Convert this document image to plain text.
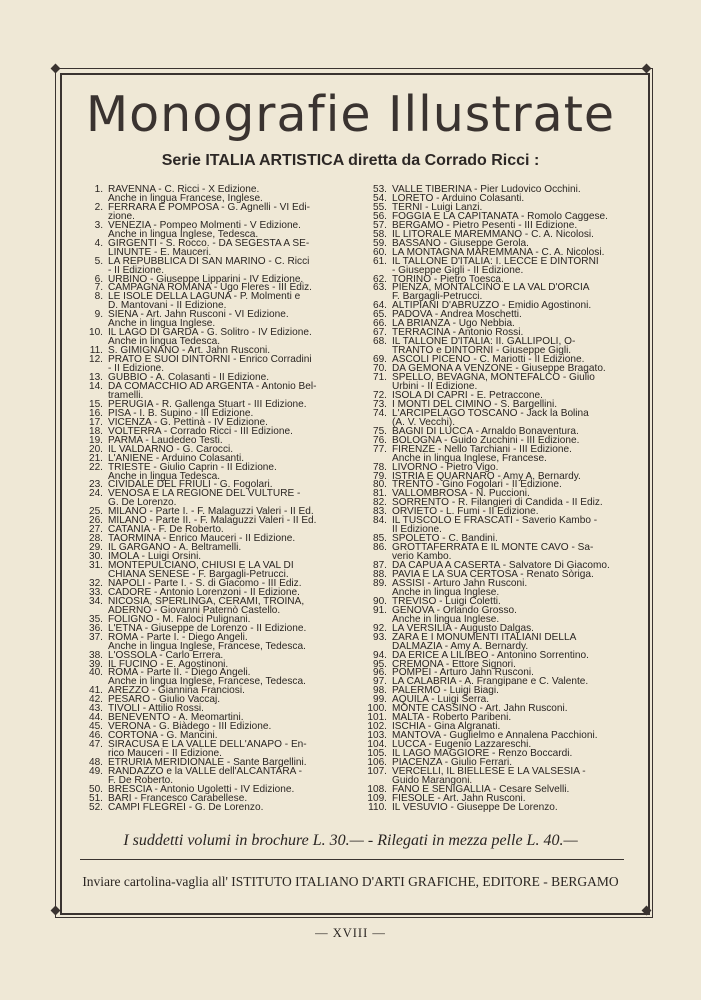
Monografie Illustrate

Serie ITALIA ARTISTICA diretta da Corrado Ricci :

1. RAVENNA - C. Ricci - X Edizione.
Anche in lingua Francese, Inglese.
2. FERRARA E POMPOSA - G. Agnelli - VI Edi-
zione.
3. VENEZIA - Pompeo Molmenti - V Edizione.
Anche in lingua Inglese, Tedesca.
4. GIRGENTI - S. Rocco. - DA SEGESTA A SE-
LINUNTE - E. Mauceri.
5. LA REPUBBLICA DI SAN MARINO - C. Ricci
- II Edizione.
6. URBINO - Giuseppe Lipparini - IV Edizione.
7. CAMPAGNA ROMANA - Ugo Fleres - III Ediz.
8. LE ISOLE DELLA LAGUNA - P. Molmenti e
D. Mantovani - II Edizione.
9. SIENA - Art. Jahn Rusconi - VI Edizione.
Anche in lingua Inglese.
10. IL LAGO DI GARDA - G. Solitro - IV Edizione.
Anche in lingua Tedesca.
11. S. GIMIGNANO - Art. Jahn Rusconi.
12. PRATO E SUOI DINTORNI - Enrico Corradini
- II Edizione.
13. GUBBIO - A. Colasanti - II Edizione.
14. DA COMACCHIO AD ARGENTA - Antonio Bel-
tramelli.
15. PERUGIA - R. Gallenga Stuart - III Edizione.
16. PISA - I. B. Supino - III Edizione.
17. VICENZA - G. Pettinà - IV Edizione.
18. VOLTERRA - Corrado Ricci - III Edizione.
19. PARMA - Laudedeo Testi.
20. IL VALDARNO - G. Carocci.
21. L'ANIENE - Arduino Colasanti.
22. TRIESTE - Giulio Caprin - II Edizione.
Anche in lingua Tedesca.
23. CIVIDALE DEL FRIULI - G. Fogolari.
24. VENOSA E LA REGIONE DEL VULTURE -
G. De Lorenzo.
25. MILANO - Parte I. - F. Malaguzzi Valeri - II Ed.
26. MILANO - Parte II. - F. Malaguzzi Valeri - II Ed.
27. CATANIA - F. De Roberto.
28. TAORMINA - Enrico Mauceri - II Edizione.
29. IL GARGANO - A. Beltramelli.
30. IMOLA - Luigi Orsini.
31. MONTEPULCIANO, CHIUSI E LA VAL DI
CHIANA SENESE - F. Bargagli-Petrucci.
32. NAPOLI - Parte I. - S. di Giacomo - III Ediz.
33. CADORE - Antonio Lorenzoni - II Edizione.
34. NICOSIA, SPERLINGA, CERAMI, TROINA,
ADERNO - Giovanni Paternò Castello.
35. FOLIGNO - M. Faloci Pulignani.
36. L'ETNA - Giuseppe de Lorenzo - II Edizione.
37. ROMA - Parte I. - Diego Angeli.
Anche in lingua Inglese, Francese, Tedesca.
38. L'OSSOLA - Carlo Errera.
39. IL FUCINO - E. Agostinoni.
40. ROMA - Parte II. - Diego Angeli.
Anche in lingua Inglese, Francese, Tedesca.
41. AREZZO - Giannina Franciosi.
42. PESARO - Giulio Vaccaj.
43. TIVOLI - Attilio Rossi.
44. BENEVENTO - A. Meomartini.
45. VERONA - G. Biàdego - III Edizione.
46. CORTONA - G. Mancini.
47. SIRACUSA E LA VALLE DELL'ANAPO - En-
rico Mauceri - II Edizione.
48. ETRURIA MERIDIONALE - Sante Bargellini.
49. RANDAZZO e la VALLE dell'ALCANTARA -
F. De Roberto.
50. BRESCIA - Antonio Ugoletti - IV Edizione.
51. BARI - Francesco Carabellese.
52. CAMPI FLEGREI - G. De Lorenzo.
53. VALLE TIBERINA - Pier Ludovico Occhini.
54. LORETO - Arduino Colasanti.
55. TERNI - Luigi Lanzi.
56. FOGGIA E LA CAPITANATA - Romolo Caggese.
57. BERGAMO - Pietro Pesenti - III Edizione.
58. IL LITORALE MAREMMANO - C. A. Nicolosi.
59. BASSANO - Giuseppe Gerola.
60. LA MONTAGNA MAREMMANA - C. A. Nicolosi.
61. IL TALLONE D'ITALIA: I. LECCE E DINTORNI
- Giuseppe Gigli - II Edizione.
62. TORINO - Pietro Toesca.
63. PIENZA, MONTALCINO E LA VAL D'ORCIA
F. Bargagli-Petrucci.
64. ALTIPIANI D'ABRUZZO - Emidio Agostinoni.
65. PADOVA - Andrea Moschetti.
66. LA BRIANZA - Ugo Nebbia.
67. TERRACINA - Antonio Rossi.
68. IL TALLONE D'ITALIA: II. GALLIPOLI, O-
TRANTO e DINTORNI - Giuseppe Gigli.
69. ASCOLI PICENO - C. Mariotti - II Edizione.
70. DA GEMONA A VENZONE - Giuseppe Bragato.
71. SPELLO, BEVAGNA, MONTEFALCO - Giulio
Urbini - II Edizione.
72. ISOLA DI CAPRI - E. Petraccone.
73. I MONTI DEL CIMINO - S. Bargellini.
74. L'ARCIPELAGO TOSCANO - Jack la Bolina
(A. V. Vecchi).
75. BAGNI DI LUCCA - Arnaldo Bonaventura.
76. BOLOGNA - Guido Zucchini - III Edizione.
77. FIRENZE - Nello Tarchiani - III Edizione.
Anche in lingua Inglese, Francese.
78. LIVORNO - Pietro Vigo.
79. ISTRIA E QUARNARO - Amy A. Bernardy.
80. TRENTO - Gino Fogolari - II Edizione.
81. VALLOMBROSA - N. Puccioni.
82. SORRENTO - R. Filangieri di Candida - II Ediz.
83. ORVIETO - L. Fumi - II Edizione.
84. IL TUSCOLO E FRASCATI - Saverio Kambo -
II Edizione.
85. SPOLETO - C. Bandini.
86. GROTTAFERRATA E IL MONTE CAVO - Sa-
verio Kambo.
87. DA CAPUA A CASERTA - Salvatore Di Giacomo.
88. PAVIA E LA SUA CERTOSA - Renato Sòriga.
89. ASSISI - Arturo Jahn Rusconi.
Anche in lingua Inglese.
90. TREVISO - Luigi Coletti.
91. GENOVA - Orlando Grosso.
Anche in lingua Inglese.
92. LA VERSILIA - Augusto Dalgas.
93. ZARA E I MONUMENTI ITALIANI DELLA
DALMAZIA - Amy A. Bernardy.
94. DA ERICE A LILIBEO - Antonino Sorrentino.
95. CREMONA - Ettore Signori.
96. POMPEI - Arturo Jahn Rusconi.
97. LA CALABRIA - A. Frangipane e C. Valente.
98. PALERMO - Luigi Biagi.
99. AQUILA - Luigi Serra.
100. MONTE CASSINO - Art. Jahn Rusconi.
101. MALTA - Roberto Paribeni.
102. ISCHIA - Gina Algranati.
103. MANTOVA - Guglielmo e Annalena Pacchioni.
104. LUCCA - Eugenio Lazzareschi.
105. IL LAGO MAGGIORE - Renzo Boccardi.
106. PIACENZA - Giulio Ferrari.
107. VERCELLI, IL BIELLESE E LA VALSESIA -
Guido Marangoni.
108. FANO E SENIGALLIA - Cesare Selvelli.
109. FIESOLE - Art. Jahn Rusconi.
110. IL VESUVIO - Giuseppe De Lorenzo.

I suddetti volumi in brochure L. 30.— - Rilegati in mezza pelle L. 40.—

Inviare cartolina-vaglia all' ISTITUTO ITALIANO D'ARTI GRAFICHE, EDITORE - BERGAMO

— XVIII —
